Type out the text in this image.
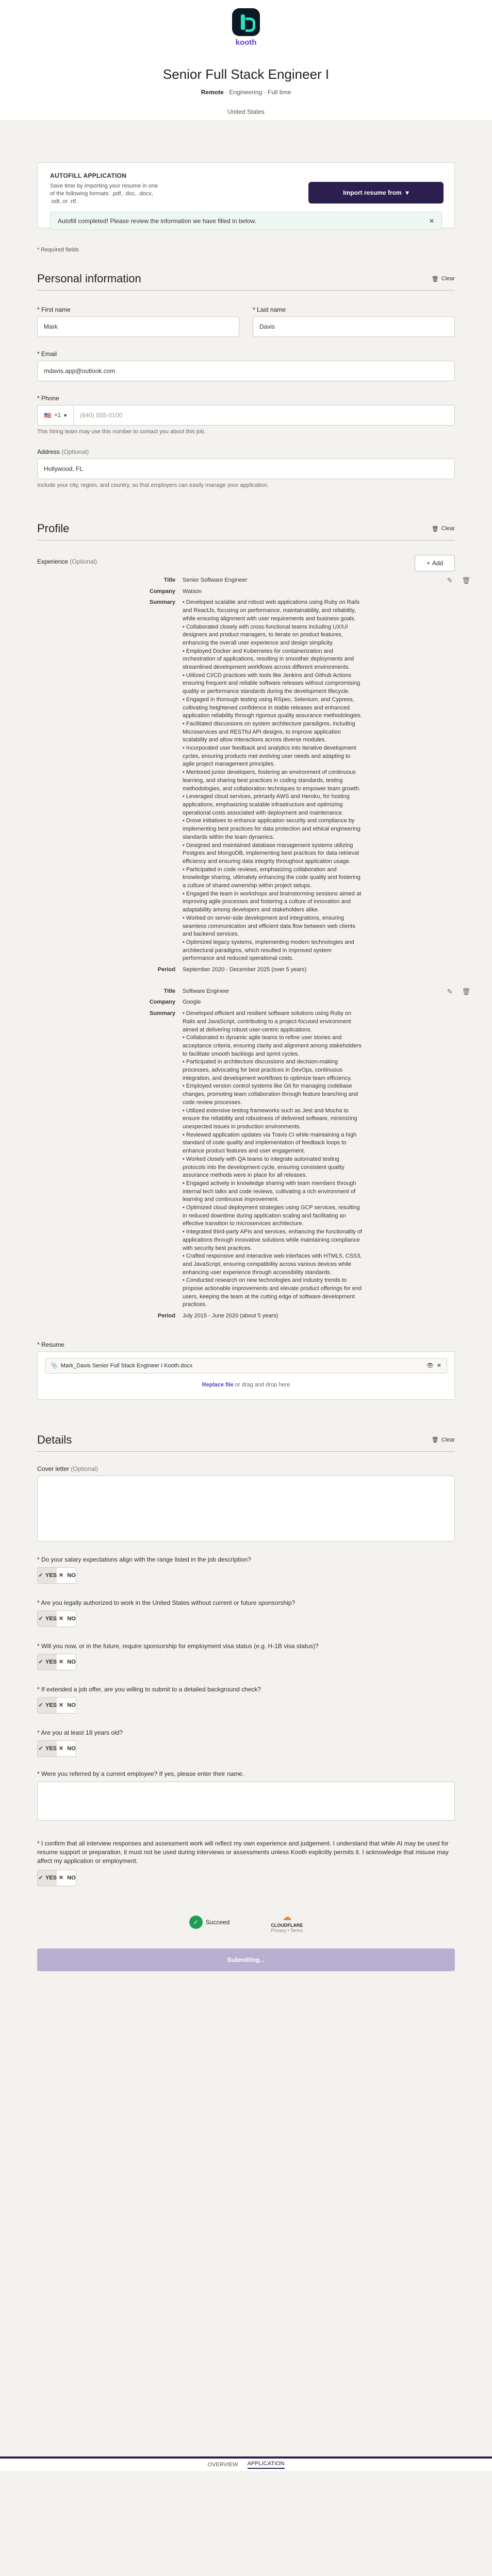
kooth
Senior Full Stack Engineer I
Remote · Engineering · Full time
United States
AUTOFILL APPLICATION
Save time by importing your resume in one of the following formats: .pdf, .doc, .docx, .odt, or .rtf.
Autofill completed! Please review the information we have filled in below.	✕
Import resume from ▾
* Required fields
Personal information	🗑 Clear
* First name
Mark
* Last name
Davis
* Email
mdavis.app@outlook.com
* Phone
🇺🇸 +1 ▾	(640) 555-0100
This hiring team may use this number to contact you about this job.
Address (Optional)
Hollywood, FL
Include your city, region, and country, so that employers can easily manage your application.
Profile	🗑 Clear
Experience (Optional)	+ Add
✎ 🗑
Title	Senior Software Engineer
Company	Watson
Summary	• Developed scalable and robust web applications using Ruby on Rails and ReactJs, focusing on performance, maintainability, and reliability, while ensuring alignment with user requirements and business goals.
• Collaborated closely with cross-functional teams including UX/UI designers and product managers, to iterate on product features, enhancing the overall user experience and design simplicity.
• Employed Docker and Kubernetes for containerization and orchestration of applications, resulting in smoother deployments and streamlined development workflows across different environments.
• Utilized CI/CD practices with tools like Jenkins and Github Actions ensuring frequent and reliable software releases without compromising quality or performance standards during the development lifecycle.
• Engaged in thorough testing using RSpec, Selenium, and Cypress, cultivating heightened confidence in stable releases and enhanced application reliability through rigorous quality assurance methodologies.
• Facilitated discussions on system architecture paradigms, including Microservices and RESTful API designs, to improve application scalability and allow interactions across diverse modules.
• Incorporated user feedback and analytics into iterative development cycles, ensuring products met evolving user needs and adapting to agile project management principles.
• Mentored junior developers, fostering an environment of continuous learning, and sharing best practices in coding standards, testing methodologies, and collaboration techniques to empower team growth.
• Leveraged cloud services, primarily AWS and Heroku, for hosting applications, emphasizing scalable infrastructure and optimizing operational costs associated with deployment and maintenance.
• Drove initiatives to enhance application security and compliance by implementing best practices for data protection and ethical engineering standards within the team dynamics.
• Designed and maintained database management systems utilizing Postgres and MongoDB, implementing best practices for data retrieval efficiency and ensuring data integrity throughout application usage.
• Participated in code reviews, emphasizing collaboration and knowledge sharing, ultimately enhancing the code quality and fostering a culture of shared ownership within project setups.
• Engaged the team in workshops and brainstorming sessions aimed at improving agile processes and fostering a culture of innovation and adaptability among developers and stakeholders alike.
• Worked on server-side development and integrations, ensuring seamless communication and efficient data flow between web clients and backend services.
• Optimized legacy systems, implementing modern technologies and architectural paradigms, which resulted in improved system performance and reduced operational costs.
Period	September 2020 - December 2025 (over 5 years)
✎ 🗑
Title	Software Engineer
Company	Google
Summary	• Developed efficient and resilient software solutions using Ruby on Rails and JavaScript, contributing to a project-focused environment aimed at delivering robust user-centric applications.
• Collaborated in dynamic agile teams to refine user stories and acceptance criteria, ensuring clarity and alignment among stakeholders to facilitate smooth backlogs and sprint cycles.
• Participated in architecture discussions and decision-making processes, advocating for best practices in DevOps, continuous integration, and development workflows to optimize team efficiency.
• Employed version control systems like Git for managing codebase changes, promoting team collaboration through feature branching and code review processes.
• Utilized extensive testing frameworks such as Jest and Mocha to ensure the reliability and robustness of delivered software, minimizing unexpected issues in production environments.
• Reviewed application updates via Travis CI while maintaining a high standard of code quality and implementation of feedback loops to enhance product features and user engagement.
• Worked closely with QA teams to integrate automated testing protocols into the development cycle, ensuring consistent quality assurance methods were in place for all releases.
• Engaged actively in knowledge sharing with team members through internal tech talks and code reviews, cultivating a rich environment of learning and continuous improvement.
• Optimized cloud deployment strategies using GCP services, resulting in reduced downtime during application scaling and facilitating an effective transition to microservices architecture.
• Integrated third-party APIs and services, enhancing the functionality of applications through innovative solutions while maintaining compliance with security best practices.
• Crafted responsive and interactive web interfaces with HTML5, CSS3, and JavaScript, ensuring compatibility across various devices while enhancing user experience through accessibility standards.
• Conducted research on new technologies and industry trends to propose actionable improvements and elevate product offerings for end users, keeping the team at the cutting edge of software development practices.
Period	July 2015 - June 2020 (about 5 years)
* Resume
📎 Mark_Davis Senior Full Stack Engineer I Kooth.docx	👁 ✕
Replace file or drag and drop here
Details	🗑 Clear
Cover letter (Optional)
* Do your salary expectations align with the range listed in the job description?
✓ YES ✕ NO
* Are you legally authorized to work in the United States without current or future sponsorship?
✓ YES ✕ NO
* Will you now, or in the future, require sponsorship for employment visa status (e.g. H-1B visa status)?
✓ YES ✕ NO
* If extended a job offer, are you willing to submit to a detailed background check?
✓ YES ✕ NO
* Are you at least 18 years old?
✓ YES ✕ NO
* Were you referred by a current employee? If yes, please enter their name.
* I confirm that all interview responses and assessment work will reflect my own experience and judgement. I understand that while AI may be used for resume support or preparation, it must not be used during interviews or assessments unless Kooth explicitly permits it. I acknowledge that misuse may affect my application or employment.
✓ YES ✕ NO
✓	Succeed
☁
CLOUDFLARE
Privacy • Terms
Submitting...
OVERVIEW APPLICATION
